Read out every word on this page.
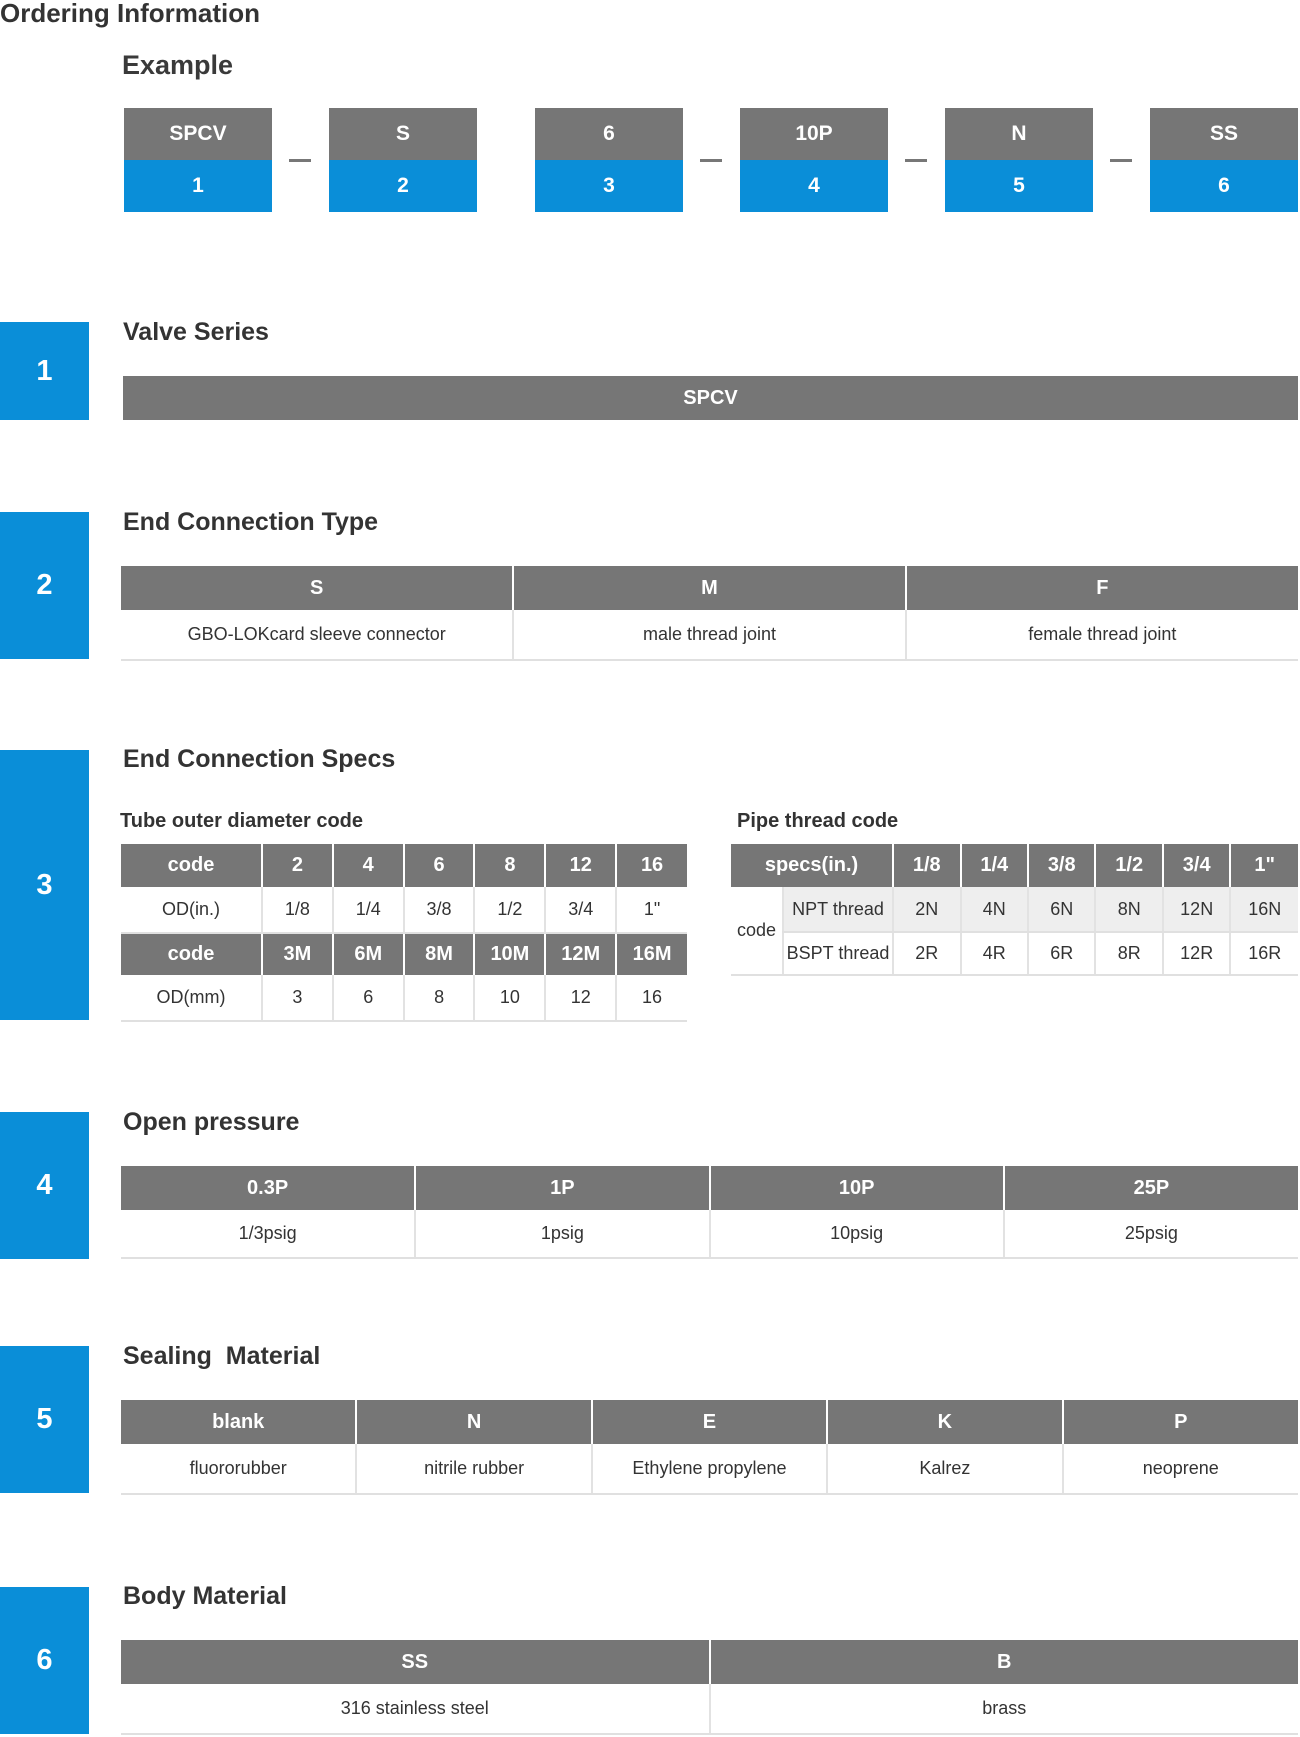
Ordering Information
Example
SPCV
1
S
2
6
3
10P
4
N
5
SS
6
1
Valve Series
SPCV
2
End Connection Type
S	M	F
GBO-LOKcard sleeve connector	male thread joint	female thread joint
3
End Connection Specs
Tube outer diameter code	Pipe thread code
code	2	4	6	8	12	16
OD(in.)	1/8	1/4	3/8	1/2	3/4	1"
code	3M	6M	8M	10M	12M	16M
OD(mm)	3	6	8	10	12	16
specs(in.)		1/8	1/4	3/8	1/2	3/4	1"
code	NPT thread	2N	4N	6N	8N	12N	16N
	BSPT thread	2R	4R	6R	8R	12R	16R
4
Open pressure
0.3P	1P	10P	25P
1/3psig	1psig	10psig	25psig
5
Sealing  Material
blank	N	E	K	P
fluororubber	nitrile rubber	Ethylene propylene	Kalrez	neoprene
6
Body Material
SS	B
316 stainless steel	brass
